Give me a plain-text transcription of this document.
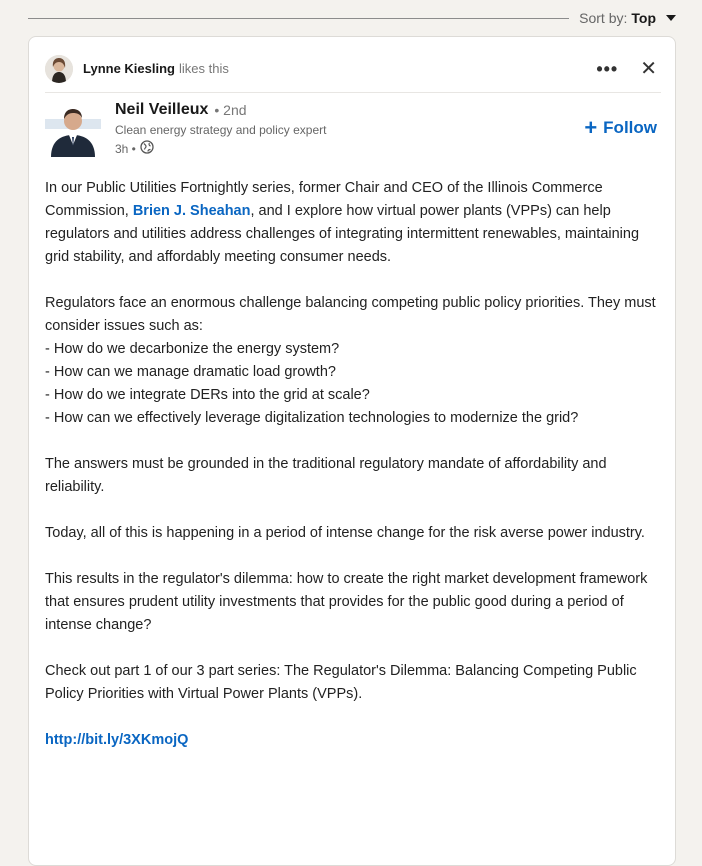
Sort by: Top
Lynne Kiesling likes this	••• ✕
Neil Veilleux • 2nd
Clean energy strategy and policy expert
3h •
+ Follow

In our Public Utilities Fortnightly series, former Chair and CEO of the Illinois Commerce Commission, Brien J. Sheahan, and I explore how virtual power plants (VPPs) can help regulators and utilities address challenges of integrating intermittent renewables, maintaining grid stability, and affordably meeting consumer needs.

Regulators face an enormous challenge balancing competing public policy priorities. They must consider issues such as:
- How do we decarbonize the energy system?
- How can we manage dramatic load growth?
- How do we integrate DERs into the grid at scale?
- How can we effectively leverage digitalization technologies to modernize the grid?

The answers must be grounded in the traditional regulatory mandate of affordability and reliability.

Today, all of this is happening in a period of intense change for the risk averse power industry.

This results in the regulator's dilemma: how to create the right market development framework that ensures prudent utility investments that provides for the public good during a period of intense change?

Check out part 1 of our 3 part series: The Regulator's Dilemma: Balancing Competing Public Policy Priorities with Virtual Power Plants (VPPs).

http://bit.ly/3XKmojQ
